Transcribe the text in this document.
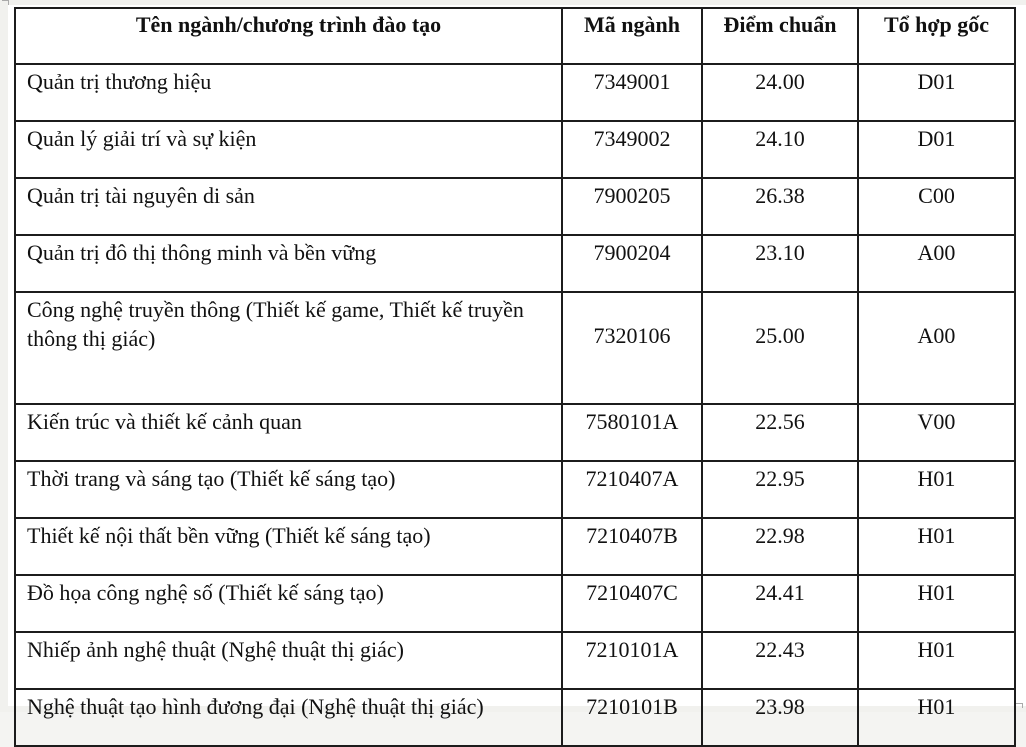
Tên ngành/chương trình đào tạo	Mã ngành	Điểm chuẩn	Tổ hợp gốc
Quản trị thương hiệu	7349001	24.00	D01
Quản lý giải trí và sự kiện	7349002	24.10	D01
Quản trị tài nguyên di sản	7900205	26.38	C00
Quản trị đô thị thông minh và bền vững	7900204	23.10	A00
Công nghệ truyền thông (Thiết kế game, Thiết kế truyền thông thị giác)	7320106	25.00	A00
Kiến trúc và thiết kế cảnh quan	7580101A	22.56	V00
Thời trang và sáng tạo (Thiết kế sáng tạo)	7210407A	22.95	H01
Thiết kế nội thất bền vững (Thiết kế sáng tạo)	7210407B	22.98	H01
Đồ họa công nghệ số (Thiết kế sáng tạo)	7210407C	24.41	H01
Nhiếp ảnh nghệ thuật (Nghệ thuật thị giác)	7210101A	22.43	H01
Nghệ thuật tạo hình đương đại (Nghệ thuật thị giác)	7210101B	23.98	H01
